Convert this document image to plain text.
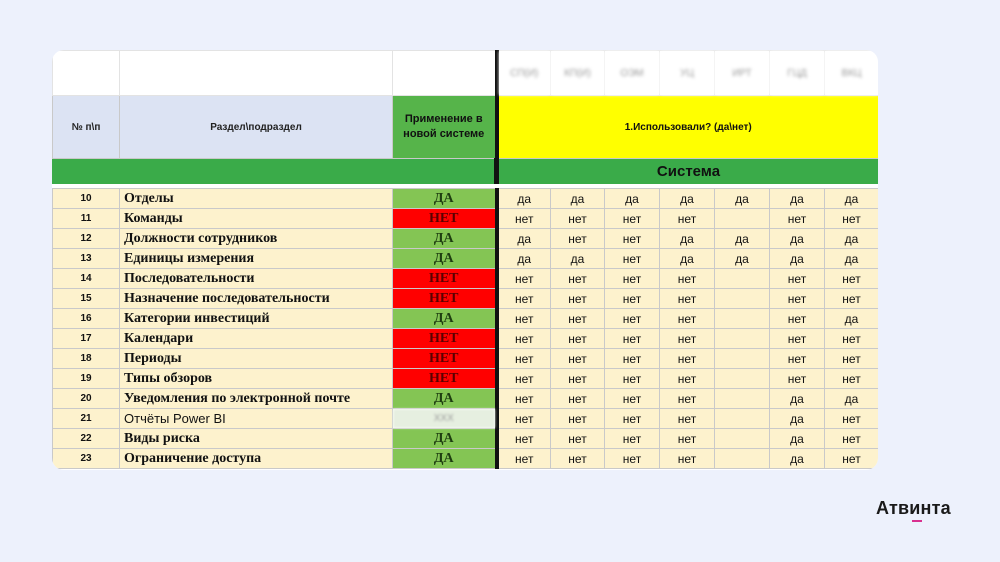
			СП(И)	КП(И)	ОЭМ	УЦ	ИРТ	ГЦД	ВКЦ
№ п\п	Раздел\подраздел	Применение в новой системе	1.Использовали? (да\нет)						
			Система						

10	Отделы	ДА	да	да	да	да	да	да	да
11	Команды	НЕТ	нет	нет	нет	нет		нет	нет
12	Должности сотрудников	ДА	да	нет	нет	да	да	да	да
13	Единицы измерения	ДА	да	да	нет	да	да	да	да
14	Последовательности	НЕТ	нет	нет	нет	нет		нет	нет
15	Назначение последовательности	НЕТ	нет	нет	нет	нет		нет	нет
16	Категории инвестиций	ДА	нет	нет	нет	нет		нет	да
17	Календари	НЕТ	нет	нет	нет	нет		нет	нет
18	Периоды	НЕТ	нет	нет	нет	нет		нет	нет
19	Типы обзоров	НЕТ	нет	нет	нет	нет		нет	нет
20	Уведомления по электронной почте	ДА	нет	нет	нет	нет		да	да
21	Отчёты Power BI	XXX	нет	нет	нет	нет		да	нет
22	Виды риска	ДА	нет	нет	нет	нет		да	нет
23	Ограничение доступа	ДА	нет	нет	нет	нет		да	нет
Атвинта
